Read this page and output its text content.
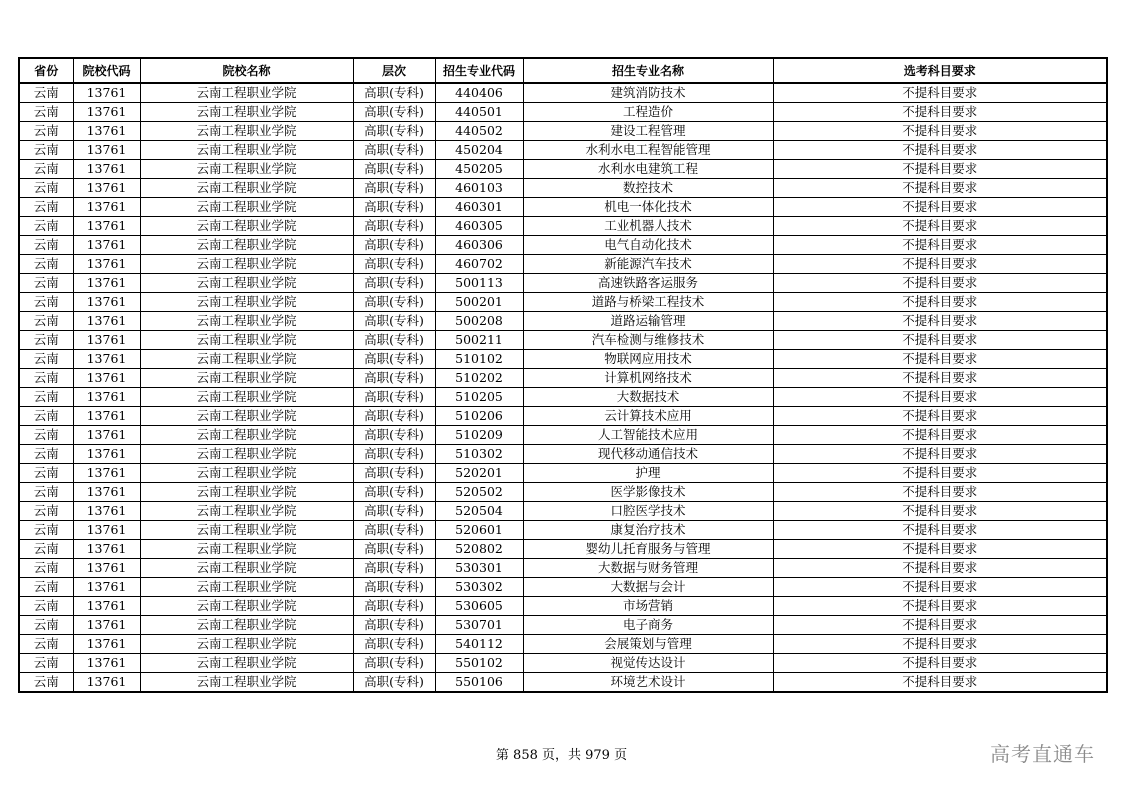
省份	院校代码	院校名称	层次	招生专业代码	招生专业名称	选考科目要求
云南	13761	云南工程职业学院	高职(专科)	440406	建筑消防技术	不提科目要求
云南	13761	云南工程职业学院	高职(专科)	440501	工程造价	不提科目要求
云南	13761	云南工程职业学院	高职(专科)	440502	建设工程管理	不提科目要求
云南	13761	云南工程职业学院	高职(专科)	450204	水利水电工程智能管理	不提科目要求
云南	13761	云南工程职业学院	高职(专科)	450205	水利水电建筑工程	不提科目要求
云南	13761	云南工程职业学院	高职(专科)	460103	数控技术	不提科目要求
云南	13761	云南工程职业学院	高职(专科)	460301	机电一体化技术	不提科目要求
云南	13761	云南工程职业学院	高职(专科)	460305	工业机器人技术	不提科目要求
云南	13761	云南工程职业学院	高职(专科)	460306	电气自动化技术	不提科目要求
云南	13761	云南工程职业学院	高职(专科)	460702	新能源汽车技术	不提科目要求
云南	13761	云南工程职业学院	高职(专科)	500113	高速铁路客运服务	不提科目要求
云南	13761	云南工程职业学院	高职(专科)	500201	道路与桥梁工程技术	不提科目要求
云南	13761	云南工程职业学院	高职(专科)	500208	道路运输管理	不提科目要求
云南	13761	云南工程职业学院	高职(专科)	500211	汽车检测与维修技术	不提科目要求
云南	13761	云南工程职业学院	高职(专科)	510102	物联网应用技术	不提科目要求
云南	13761	云南工程职业学院	高职(专科)	510202	计算机网络技术	不提科目要求
云南	13761	云南工程职业学院	高职(专科)	510205	大数据技术	不提科目要求
云南	13761	云南工程职业学院	高职(专科)	510206	云计算技术应用	不提科目要求
云南	13761	云南工程职业学院	高职(专科)	510209	人工智能技术应用	不提科目要求
云南	13761	云南工程职业学院	高职(专科)	510302	现代移动通信技术	不提科目要求
云南	13761	云南工程职业学院	高职(专科)	520201	护理	不提科目要求
云南	13761	云南工程职业学院	高职(专科)	520502	医学影像技术	不提科目要求
云南	13761	云南工程职业学院	高职(专科)	520504	口腔医学技术	不提科目要求
云南	13761	云南工程职业学院	高职(专科)	520601	康复治疗技术	不提科目要求
云南	13761	云南工程职业学院	高职(专科)	520802	婴幼儿托育服务与管理	不提科目要求
云南	13761	云南工程职业学院	高职(专科)	530301	大数据与财务管理	不提科目要求
云南	13761	云南工程职业学院	高职(专科)	530302	大数据与会计	不提科目要求
云南	13761	云南工程职业学院	高职(专科)	530605	市场营销	不提科目要求
云南	13761	云南工程职业学院	高职(专科)	530701	电子商务	不提科目要求
云南	13761	云南工程职业学院	高职(专科)	540112	会展策划与管理	不提科目要求
云南	13761	云南工程职业学院	高职(专科)	550102	视觉传达设计	不提科目要求
云南	13761	云南工程职业学院	高职(专科)	550106	环境艺术设计	不提科目要求
第 858 页，共 979 页	高考直通车
